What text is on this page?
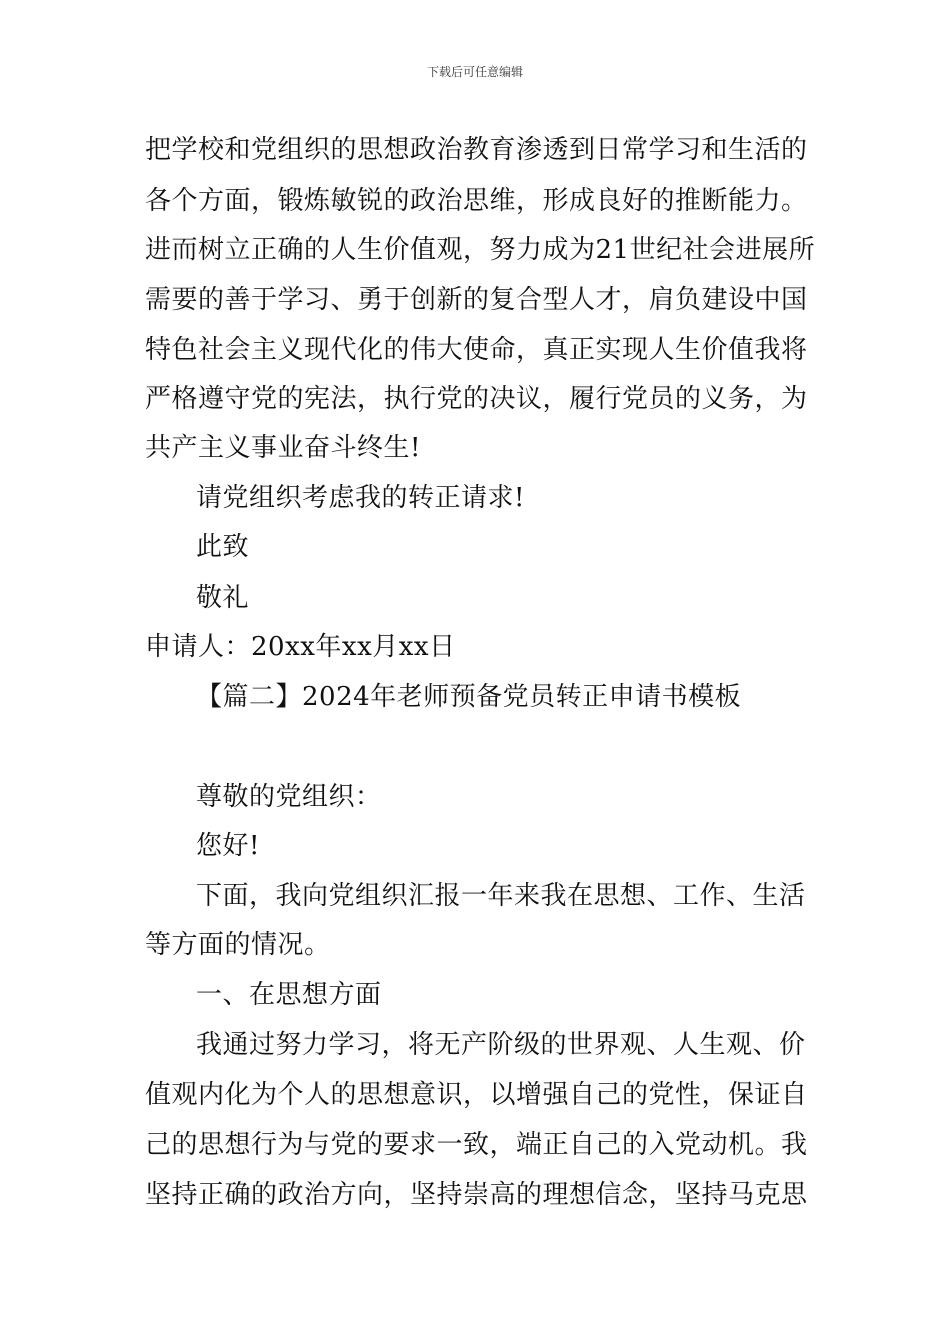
下载后可任意编辑
把学校和党组织的思想政治教育渗透到日常学习和生活的
各个方面，锻炼敏锐的政治思维，形成良好的推断能力。
进而树立正确的人生价值观，努力成为21世纪社会进展所
需要的善于学习、勇于创新的复合型人才，肩负建设中国
特色社会主义现代化的伟大使命，真正实现人生价值我将
严格遵守党的宪法，执行党的决议，履行党员的义务，为
共产主义事业奋斗终生!
请党组织考虑我的转正请求!
此致
敬礼
申请人：20xx年xx月xx日
【篇二】2024年老师预备党员转正申请书模板
尊敬的党组织：
您好!
下面，我向党组织汇报一年来我在思想、工作、生活
等方面的情况。
一、在思想方面
我通过努力学习，将无产阶级的世界观、人生观、价
值观内化为个人的思想意识，以增强自己的党性，保证自
己的思想行为与党的要求一致，端正自己的入党动机。我
坚持正确的政治方向，坚持崇高的理想信念，坚持马克思
